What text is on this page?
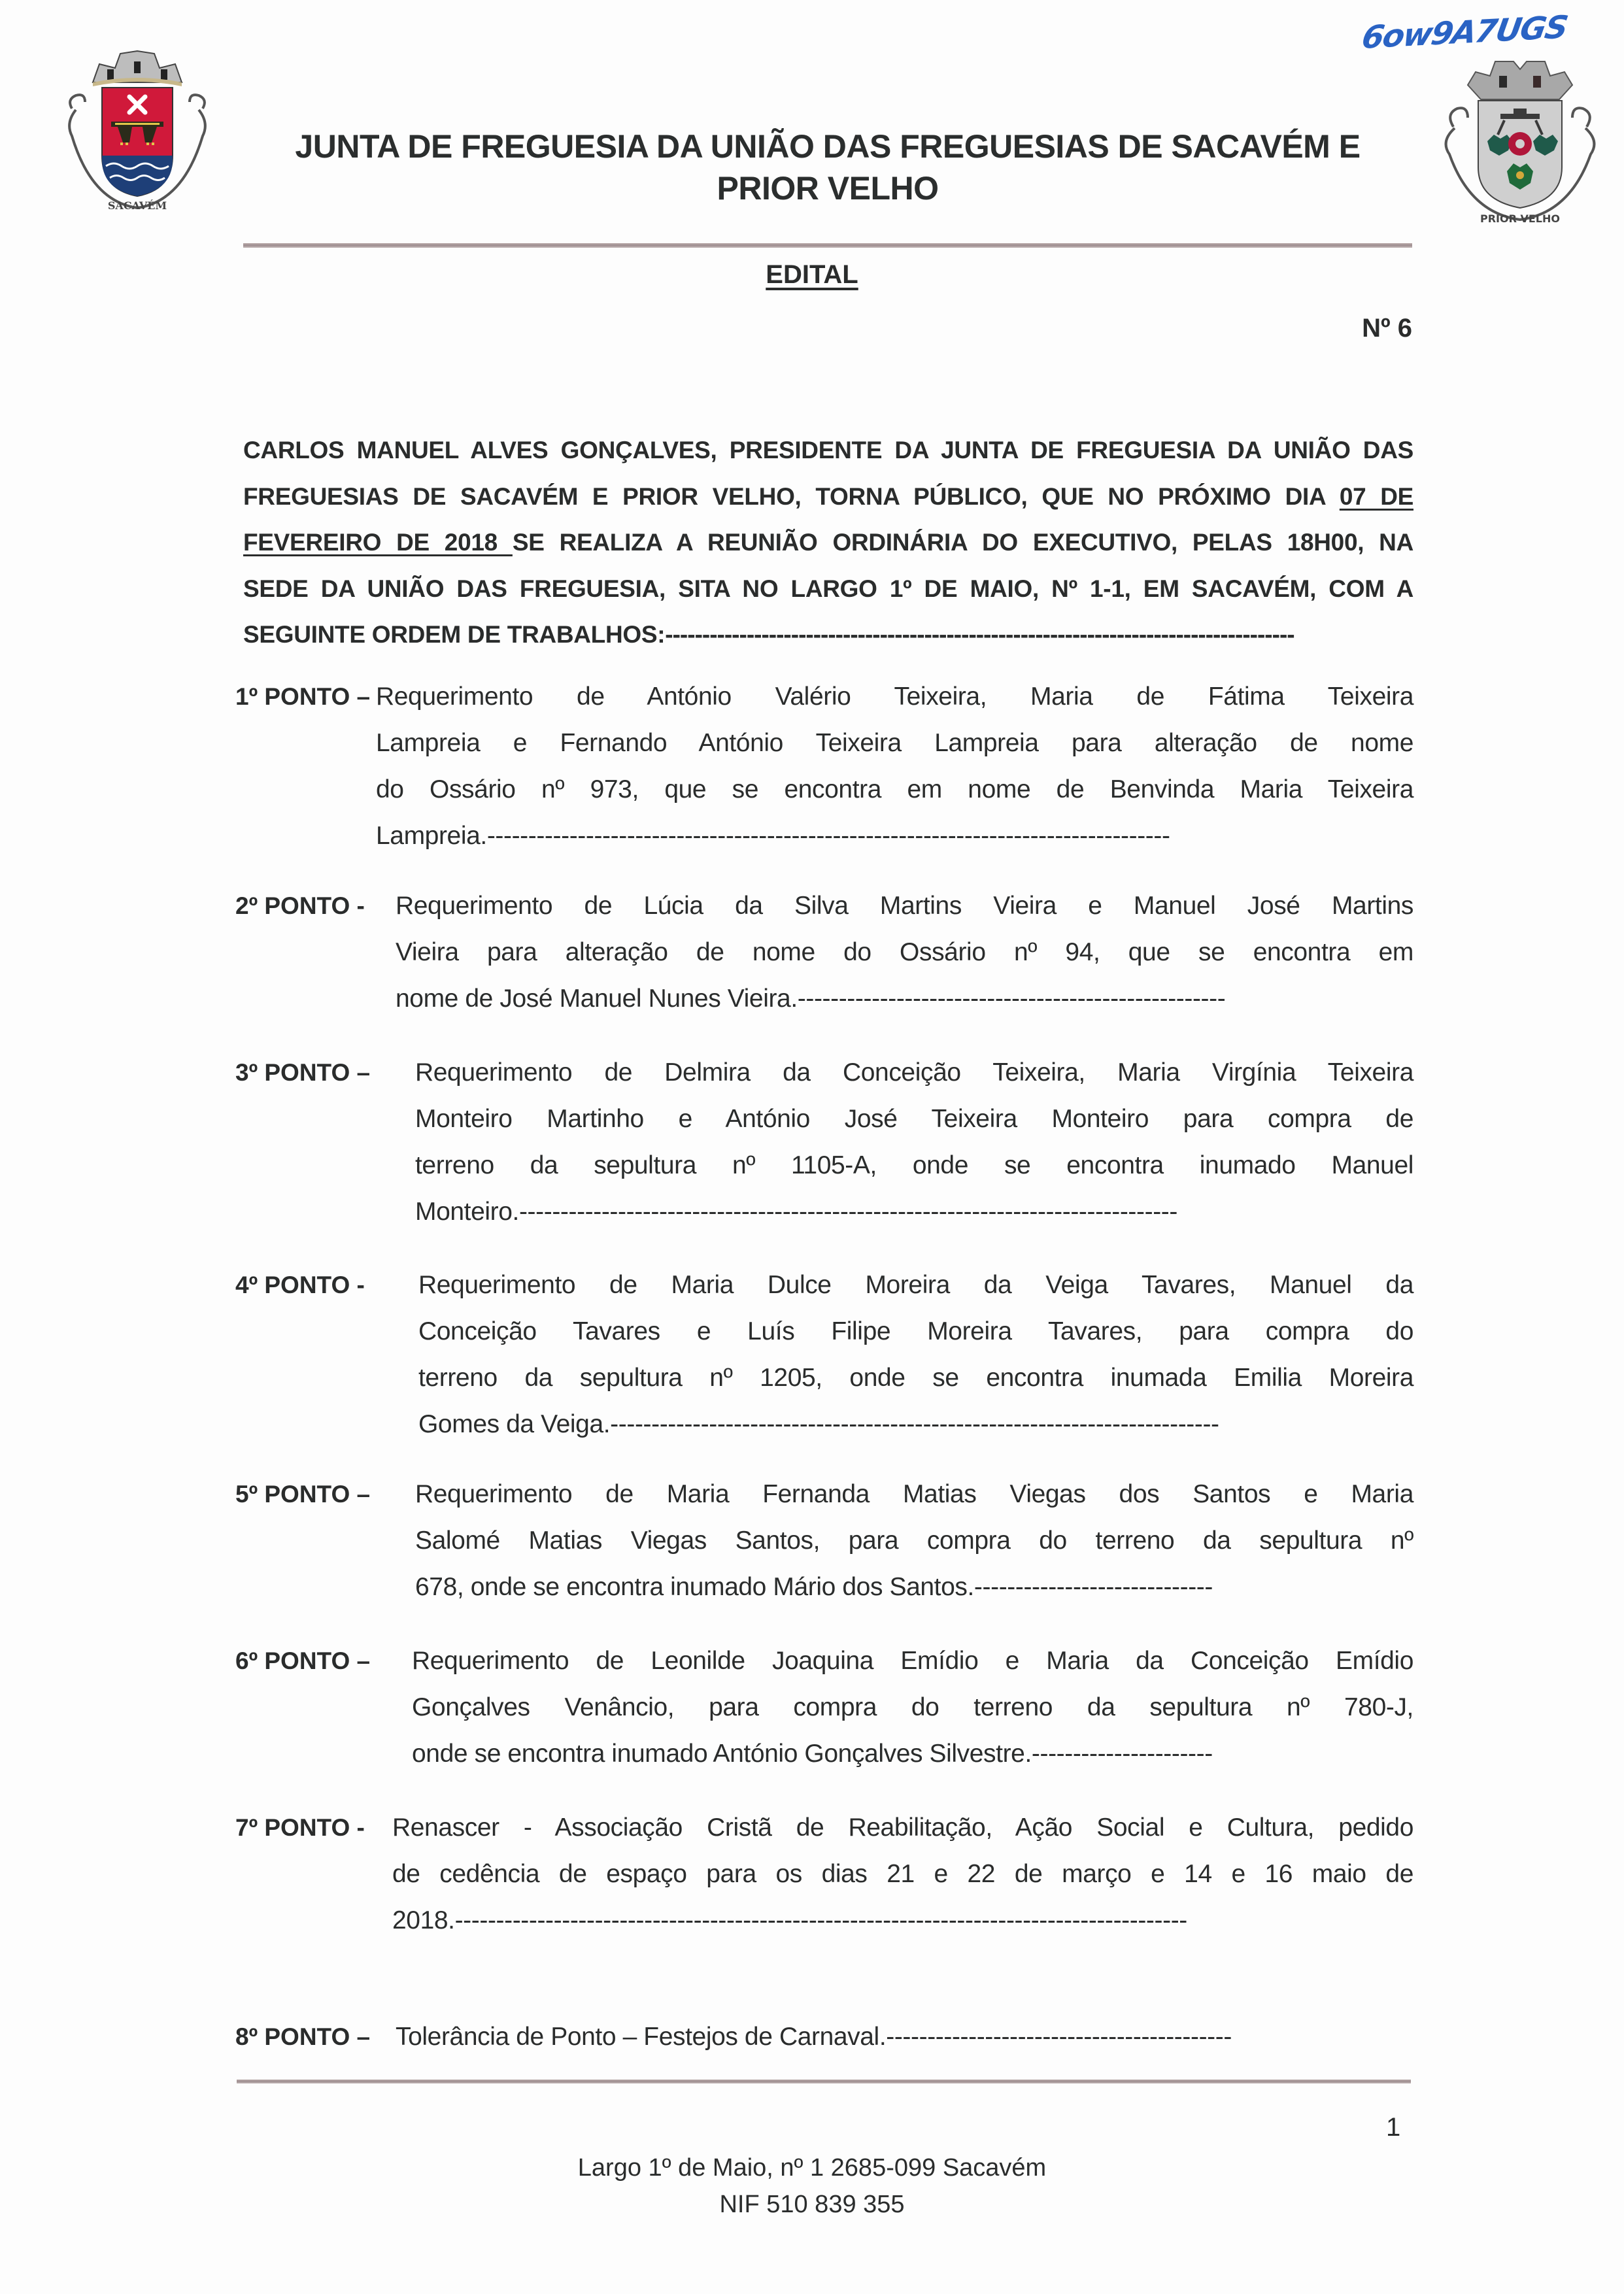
6ow9A7UGS
SACAVÉM
JUNTA DE FREGUESIA DA UNIÃO DAS FREGUESIAS DE SACAVÉM E
PRIOR VELHO
PRIOR VELHO
EDITAL
Nº 6
CARLOS MANUEL ALVES GONÇALVES, PRESIDENTE DA JUNTA DE FREGUESIA DA UNIÃO DAS
FREGUESIAS DE SACAVÉM E PRIOR VELHO, TORNA PÚBLICO, QUE NO PRÓXIMO DIA 07 DE
FEVEREIRO DE 2018 SE REALIZA A REUNIÃO ORDINÁRIA DO EXECUTIVO, PELAS 18H00, NA
SEDE DA UNIÃO DAS FREGUESIA, SITA NO LARGO 1º DE MAIO, Nº 1-1, EM SACAVÉM, COM A
SEGUINTE ORDEM DE TRABALHOS:-------------------------------------------------------------------------------------
1º PONTO – Requerimento de António Valério Teixeira, Maria de Fátima Teixeira
Lampreia e Fernando António Teixeira Lampreia para alteração de nome
do Ossário nº 973, que se encontra em nome de Benvinda Maria Teixeira
Lampreia.-----------------------------------------------------------------------------------
2º PONTO - Requerimento de Lúcia da Silva Martins Vieira e Manuel José Martins
Vieira para alteração de nome do Ossário nº 94, que se encontra em
nome de José Manuel Nunes Vieira.----------------------------------------------------
3º PONTO – Requerimento de Delmira da Conceição Teixeira, Maria Virgínia Teixeira
Monteiro Martinho e António José Teixeira Monteiro para compra de
terreno da sepultura nº 1105-A, onde se encontra inumado Manuel
Monteiro.--------------------------------------------------------------------------------
4º PONTO - Requerimento de Maria Dulce Moreira da Veiga Tavares, Manuel da
Conceição Tavares e Luís Filipe Moreira Tavares, para compra do
terreno da sepultura nº 1205, onde se encontra inumada Emilia Moreira
Gomes da Veiga.--------------------------------------------------------------------------
5º PONTO – Requerimento de Maria Fernanda Matias Viegas dos Santos e Maria
Salomé Matias Viegas Santos, para compra do terreno da sepultura nº
678, onde se encontra inumado Mário dos Santos.-----------------------------
6º PONTO – Requerimento de Leonilde Joaquina Emídio e Maria da Conceição Emídio
Gonçalves Venâncio, para compra do terreno da sepultura nº 780-J,
onde se encontra inumado António Gonçalves Silvestre.----------------------
7º PONTO - Renascer - Associação Cristã de Reabilitação, Ação Social e Cultura, pedido
de cedência de espaço para os dias 21 e 22 de março e 14 e 16 maio de
2018.-----------------------------------------------------------------------------------------
8º PONTO – Tolerância de Ponto – Festejos de Carnaval.------------------------------------------
1
Largo 1º de Maio, nº 1 2685-099 Sacavém
NIF 510 839 355
